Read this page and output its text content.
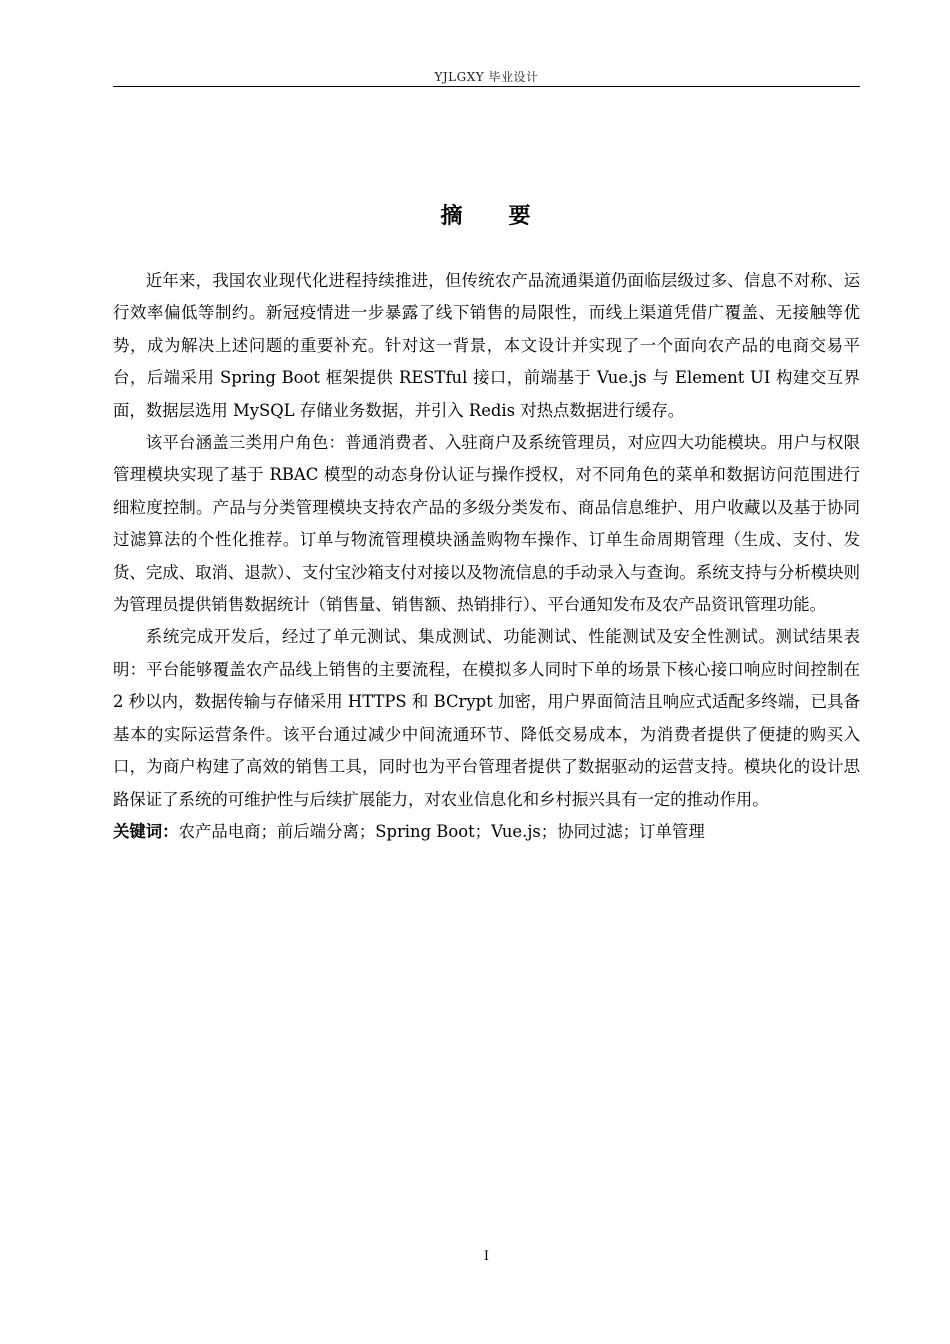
YJLGXY 毕业设计
摘 要

近年来，我国农业现代化进程持续推进，但传统农产品流通渠道仍面临层级过多、信息不对称、运行效率偏低等制约。新冠疫情进一步暴露了线下销售的局限性，而线上渠道凭借广覆盖、无接触等优势，成为解决上述问题的重要补充。针对这一背景，本文设计并实现了一个面向农产品的电商交易平台，后端采用 Spring Boot 框架提供 RESTful 接口，前端基于 Vue.js 与 Element UI 构建交互界面，数据层选用 MySQL 存储业务数据，并引入 Redis 对热点数据进行缓存。

该平台涵盖三类用户角色：普通消费者、入驻商户及系统管理员，对应四大功能模块。用户与权限管理模块实现了基于 RBAC 模型的动态身份认证与操作授权，对不同角色的菜单和数据访问范围进行细粒度控制。产品与分类管理模块支持农产品的多级分类发布、商品信息维护、用户收藏以及基于协同过滤算法的个性化推荐。订单与物流管理模块涵盖购物车操作、订单生命周期管理（生成、支付、发货、完成、取消、退款）、支付宝沙箱支付对接以及物流信息的手动录入与查询。系统支持与分析模块则为管理员提供销售数据统计（销售量、销售额、热销排行）、平台通知发布及农产品资讯管理功能。

系统完成开发后，经过了单元测试、集成测试、功能测试、性能测试及安全性测试。测试结果表明：平台能够覆盖农产品线上销售的主要流程，在模拟多人同时下单的场景下核心接口响应时间控制在 2 秒以内，数据传输与存储采用 HTTPS 和 BCrypt 加密，用户界面简洁且响应式适配多终端，已具备基本的实际运营条件。该平台通过减少中间流通环节、降低交易成本，为消费者提供了便捷的购买入口，为商户构建了高效的销售工具，同时也为平台管理者提供了数据驱动的运营支持。模块化的设计思路保证了系统的可维护性与后续扩展能力，对农业信息化和乡村振兴具有一定的推动作用。

关键词：农产品电商；前后端分离；Spring Boot；Vue.js；协同过滤；订单管理
I
